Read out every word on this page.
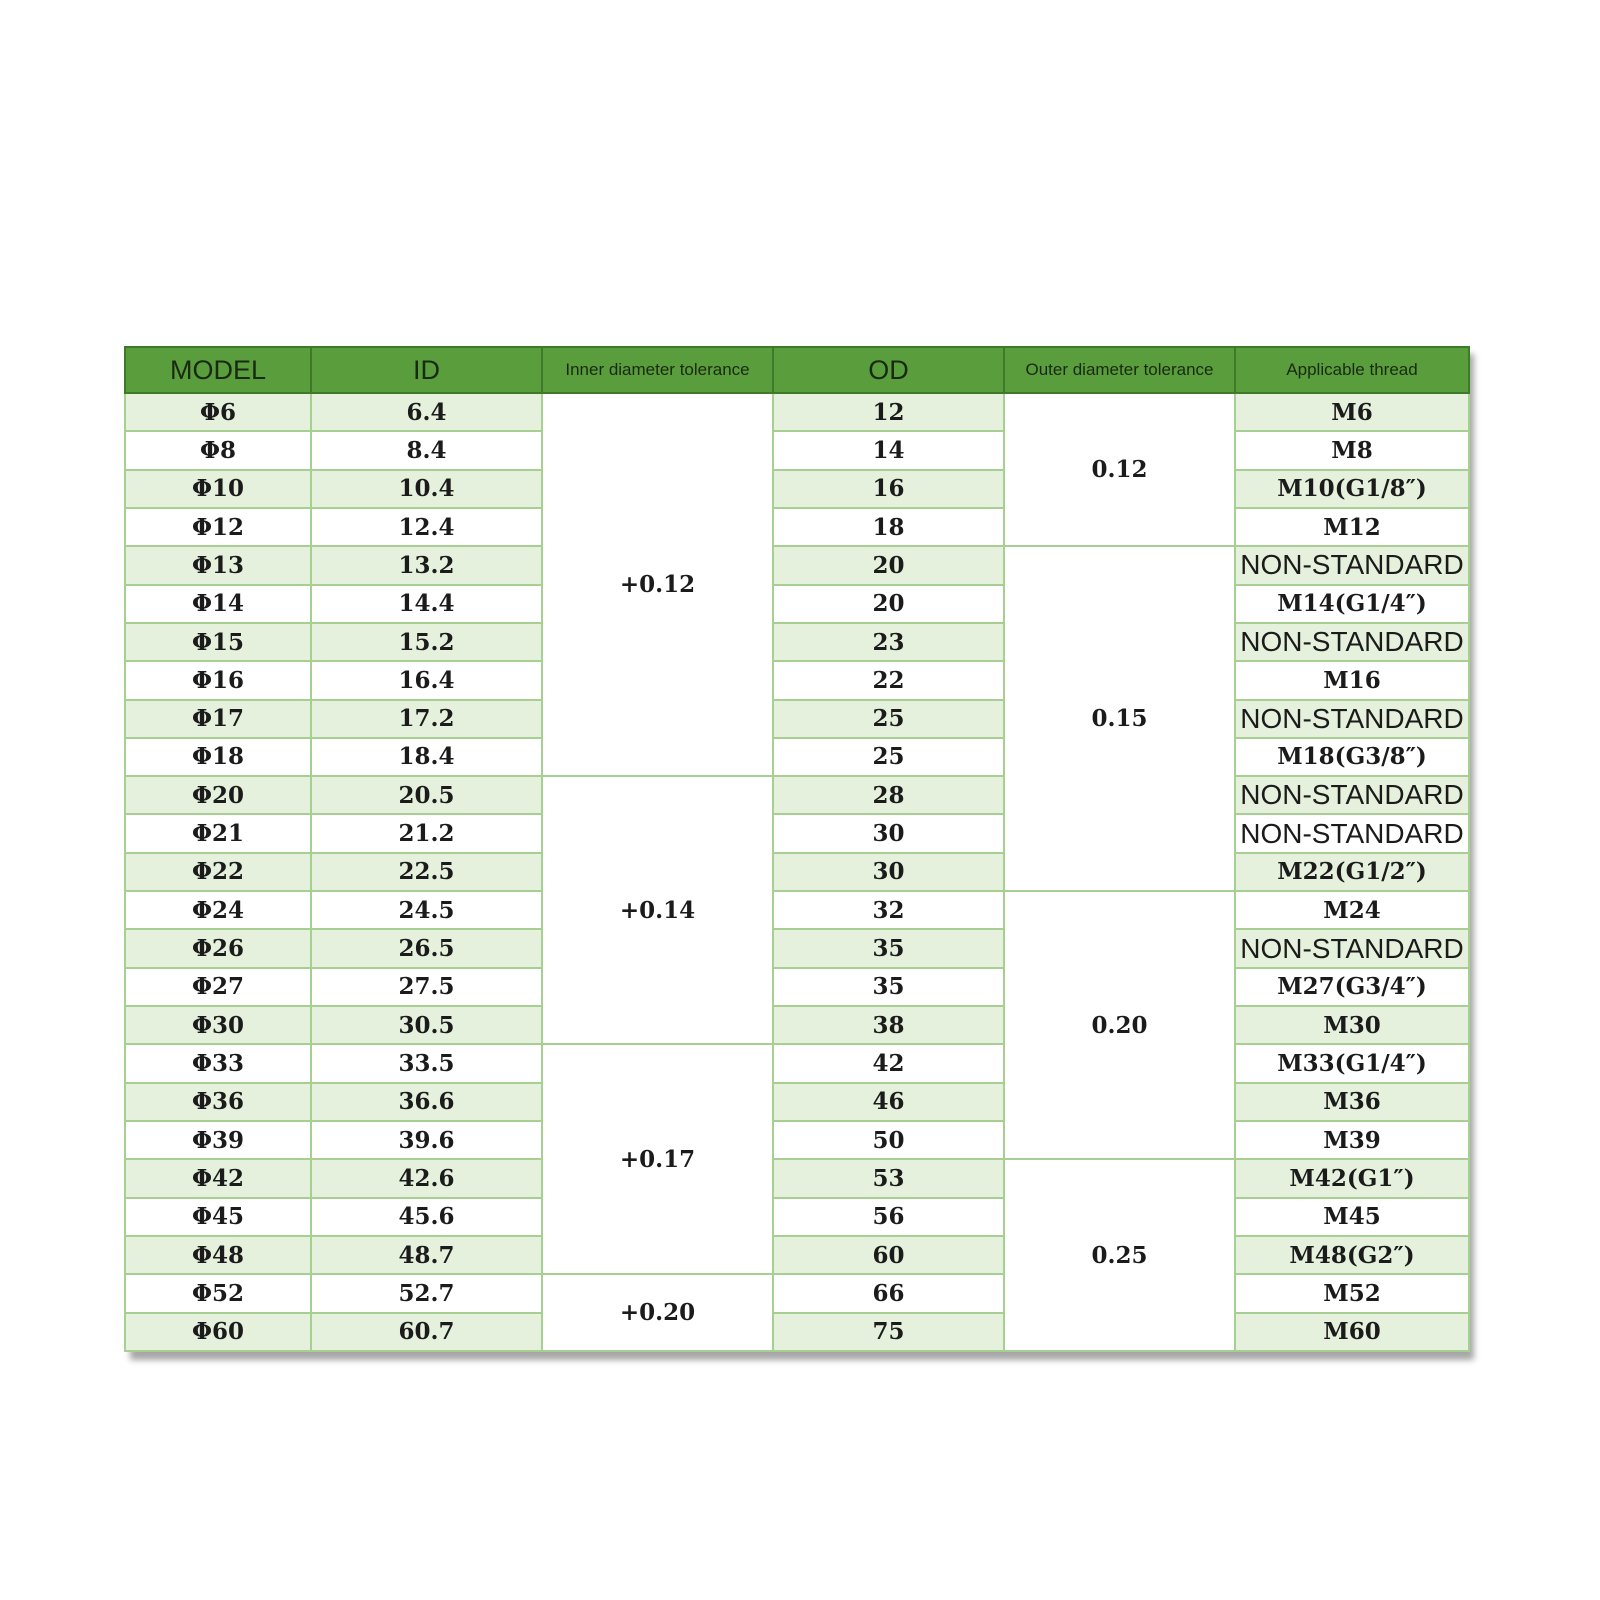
MODEL	ID	Inner diameter tolerance	OD	Outer diameter tolerance	Applicable thread
Φ6	6.4	+0.12	12	0.12	M6
Φ8	8.4		14		M8
Φ10	10.4		16		M10(G1/8″)
Φ12	12.4		18		M12
Φ13	13.2		20	0.15	NON-STANDARD
Φ14	14.4		20		M14(G1/4″)
Φ15	15.2		23		NON-STANDARD
Φ16	16.4		22		M16
Φ17	17.2		25		NON-STANDARD
Φ18	18.4		25		M18(G3/8″)
Φ20	20.5	+0.14	28		NON-STANDARD
Φ21	21.2		30		NON-STANDARD
Φ22	22.5		30		M22(G1/2″)
Φ24	24.5		32	0.20	M24
Φ26	26.5		35		NON-STANDARD
Φ27	27.5		35		M27(G3/4″)
Φ30	30.5		38		M30
Φ33	33.5	+0.17	42		M33(G1/4″)
Φ36	36.6		46		M36
Φ39	39.6		50		M39
Φ42	42.6		53	0.25	M42(G1″)
Φ45	45.6		56		M45
Φ48	48.7		60		M48(G2″)
Φ52	52.7	+0.20	66		M52
Φ60	60.7		75		M60
